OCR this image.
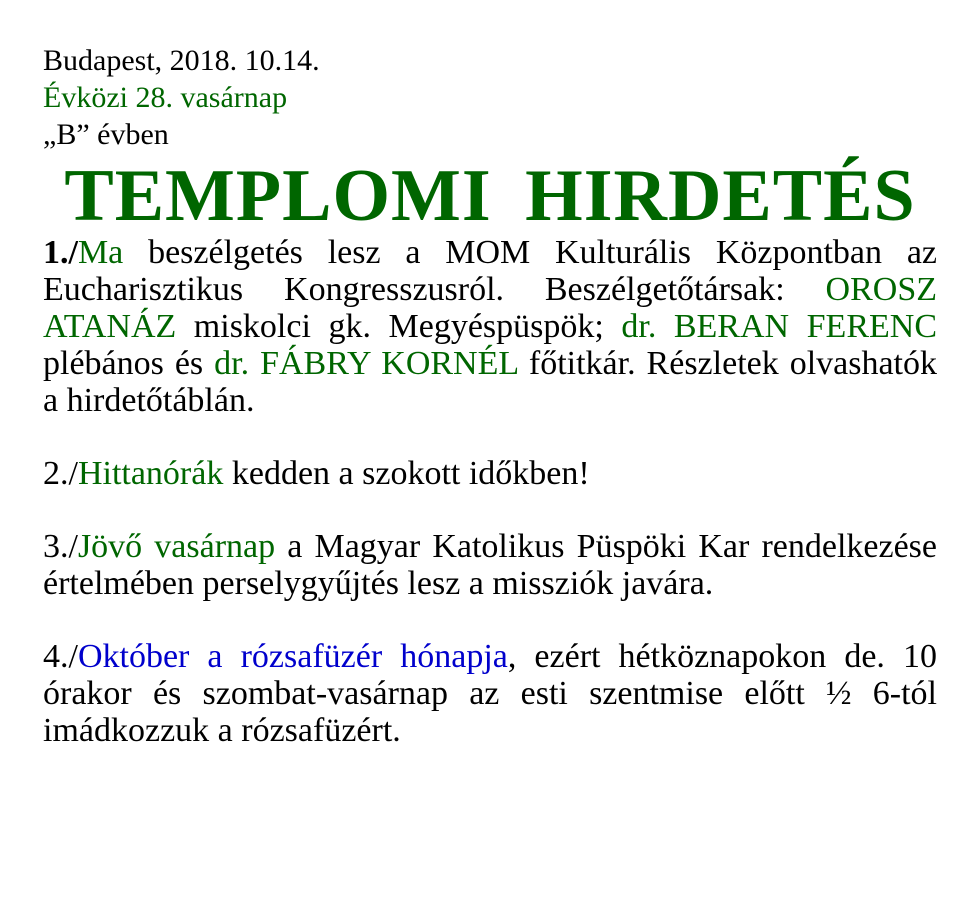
Budapest, 2018. 10.14.
Évközi 28. vasárnap
„B” évben
TEMPLOMI HIRDETÉS

1./Ma beszélgetés lesz a MOM Kulturális Központban az Eucharisztikus Kongresszusról. Beszélgetőtársak: OROSZ ATANÁZ miskolci gk. Megyéspüspök; dr. BERAN FERENC plébános és dr. FÁBRY KORNÉL főtitkár. Részletek olvashatók a hirdetőtáblán.

2./Hittanórák kedden a szokott időkben!

3./Jövő vasárnap a Magyar Katolikus Püspöki Kar rendelkezése értelmében perselygyűjtés lesz a missziók javára.

4./Október a rózsafüzér hónapja, ezért hétköznapokon de. 10 órakor és szombat-vasárnap az esti szentmise előtt ½ 6-tól imádkozzuk a rózsafüzért.
